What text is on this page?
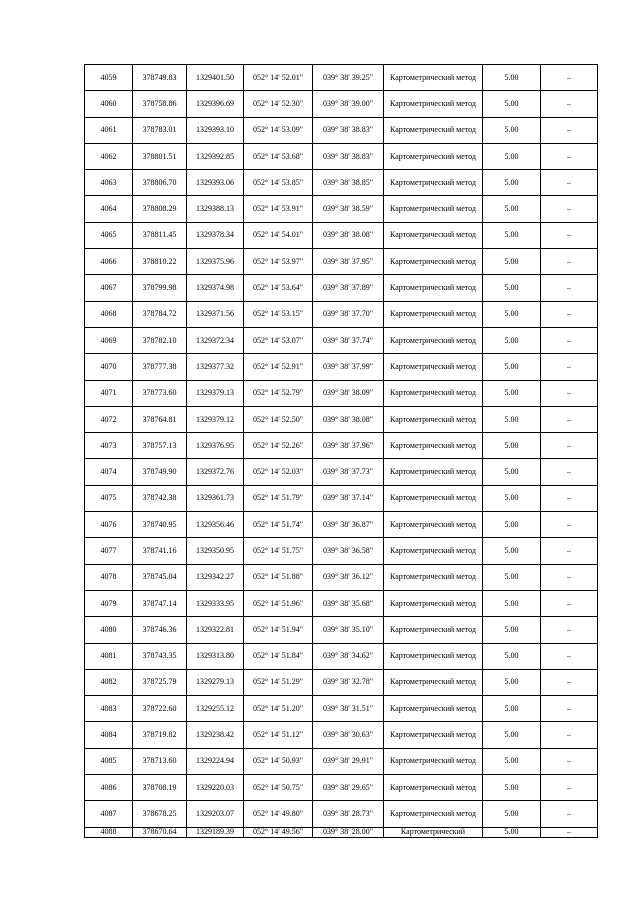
4059	378749.83	1329401.50	052° 14' 52.01"	039° 38' 39.25"	Картометрический метод	5.00	–
4060	378758.86	1329396.69	052° 14' 52.30"	039° 38' 39.00"	Картометрический метод	5.00	–
4061	378783.01	1329393.10	052° 14' 53.09"	039° 38' 38.83"	Картометрический метод	5.00	–
4062	378801.51	1329392.85	052° 14' 53.68"	039° 38' 38.83"	Картометрический метод	5.00	–
4063	378806.70	1329393.06	052° 14' 53.85"	039° 38' 38.85"	Картометрический метод	5.00	–
4064	378808.29	1329388.13	052° 14' 53.91"	039° 38' 38.59"	Картометрический метод	5.00	–
4065	378811.45	1329378.34	052° 14' 54.01"	039° 38' 38.08"	Картометрический метод	5.00	–
4066	378810.22	1329375.96	052° 14' 53.97"	039° 38' 37.95"	Картометрический метод	5.00	–
4067	378799.98	1329374.98	052° 14' 53.64"	039° 38' 37.89"	Картометрический метод	5.00	–
4068	378784.72	1329371.56	052° 14' 53.15"	039° 38' 37.70"	Картометрический метод	5.00	–
4069	378782.10	1329372.34	052° 14' 53.07"	039° 38' 37.74"	Картометрический метод	5.00	–
4070	378777.38	1329377.32	052° 14' 52.91"	039° 38' 37.99"	Картометрический метод	5.00	–
4071	378773.60	1329379.13	052° 14' 52.79"	039° 38' 38.09"	Картометрический метод	5.00	–
4072	378764.81	1329379.12	052° 14' 52.50"	039° 38' 38.08"	Картометрический метод	5.00	–
4073	378757.13	1329376.95	052° 14' 52.26"	039° 38' 37.96"	Картометрический метод	5.00	–
4074	378749.90	1329372.76	052° 14' 52.03"	039° 38' 37.73"	Картометрический метод	5.00	–
4075	378742.38	1329361.73	052° 14' 51.79"	039° 38' 37.14"	Картометрический метод	5.00	–
4076	378740.95	1329356.46	052° 14' 51.74"	039° 38' 36.87"	Картометрический метод	5.00	–
4077	378741.16	1329350.95	052° 14' 51.75"	039° 38' 36.58"	Картометрический метод	5.00	–
4078	378745.04	1329342.27	052° 14' 51.88"	039° 38' 36.12"	Картометрический метод	5.00	–
4079	378747.14	1329333.95	052° 14' 51.96"	039° 38' 35.68"	Картометрический метод	5.00	–
4080	378746.36	1329322.81	052° 14' 51.94"	039° 38' 35.10"	Картометрический метод	5.00	–
4081	378743.35	1329313.80	052° 14' 51.84"	039° 38' 34.62"	Картометрический метод	5.00	–
4082	378725.79	1329279.13	052° 14' 51.29"	039° 38' 32.78"	Картометрический метод	5.00	–
4083	378722.60	1329255.12	052° 14' 51.20"	039° 38' 31.51"	Картометрический метод	5.00	–
4084	378719.82	1329238.42	052° 14' 51.12"	039° 38' 30.63"	Картометрический метод	5.00	–
4085	378713.60	1329224.94	052° 14' 50.93"	039° 38' 29.91"	Картометрический метод	5.00	–
4086	378708.19	1329220.03	052° 14' 50.75"	039° 38' 29.65"	Картометрический метод	5.00	–
4087	378678.25	1329203.07	052° 14' 49.80"	039° 38' 28.73"	Картометрический метод	5.00	–
4088	378670.64	1329189.39	052° 14' 49.56"	039° 38' 28.00"	Картометрический	5.00	–
